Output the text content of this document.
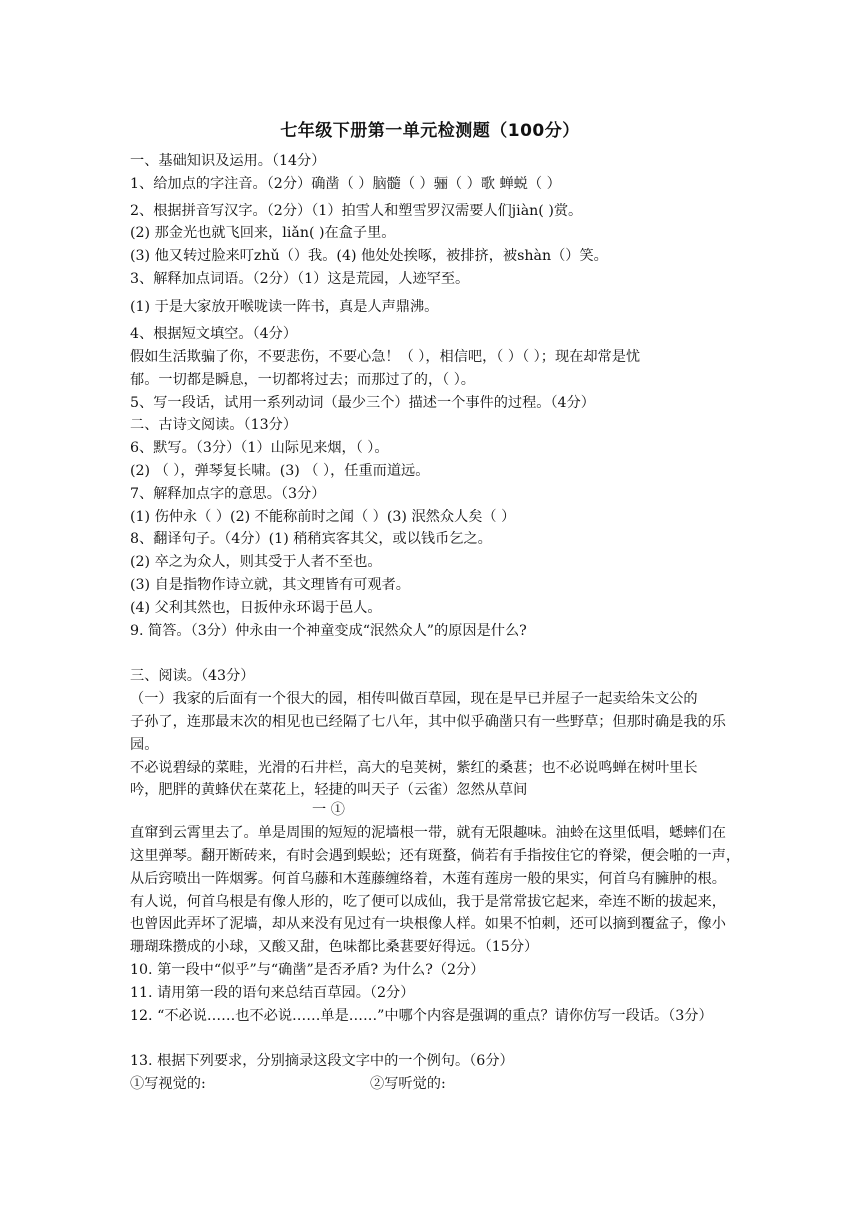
七年级下册第一单元检测题（100分）
一、基础知识及运用。（14分）
1、给加点的字注音。（2分）确凿（ ）脑髓（ ）骊（ ）歌 蝉蜕（ ）
2、根据拼音写汉字。（2分）（1）拍雪人和塑雪罗汉需要人们jiàn( )赏。
(2) 那金光也就飞回来，liǎn( )在盒子里。
(3) 他又转过脸来叮zhǔ（）我。(4) 他处处挨啄，被排挤，被shàn（）笑。
3、解释加点词语。（2分）（1）这是荒园，人迹罕至。
(1) 于是大家放开喉咙读一阵书，真是人声鼎沸。
4、根据短文填空。（4分）
假如生活欺骗了你，不要悲伤，不要心急！（ ），相信吧，（ ）（ ）；现在却常是忧
郁。一切都是瞬息，一切都将过去；而那过了的，（ ）。
5、写一段话，试用一系列动词（最少三个）描述一个事件的过程。（4分）
二、古诗文阅读。（13分）
6、默写。（3分）（1）山际见来烟，（ ）。
(2) （ ），弹琴复长啸。(3) （ ），任重而道远。
7、解释加点字的意思。（3分）
(1) 伤仲永（ ）(2) 不能称前时之闻（ ）(3) 泯然众人矣（ ）
8、翻译句子。（4分）(1) 稍稍宾客其父，或以钱币乞之。
(2) 卒之为众人，则其受于人者不至也。
(3) 自是指物作诗立就，其文理皆有可观者。
(4) 父利其然也，日扳仲永环谒于邑人。
9. 简答。（3分）仲永由一个神童变成“泯然众人”的原因是什么?
三、阅读。（43分）
（一）我家的后面有一个很大的园，相传叫做百草园，现在是早已并屋子一起卖给朱文公的
子孙了，连那最末次的相见也已经隔了七八年，其中似乎确凿只有一些野草；但那时确是我的乐
园。
不必说碧绿的菜畦，光滑的石井栏，高大的皂荚树，紫红的桑葚；也不必说鸣蝉在树叶里长
吟，肥胖的黄蜂伏在菜花上，轻捷的叫天子（云雀）忽然从草间
一 ①
直窜到云霄里去了。单是周围的短短的泥墙根一带，就有无限趣味。油蛉在这里低唱，蟋蟀们在
这里弹琴。翻开断砖来，有时会遇到蜈蚣；还有斑蝥，倘若有手指按住它的脊梁，便会啪的一声，
从后窍喷出一阵烟雾。何首乌藤和木莲藤缠络着，木莲有莲房一般的果实，何首乌有臃肿的根。
有人说，何首乌根是有像人形的，吃了便可以成仙，我于是常常拔它起来，牵连不断的拔起来，
也曾因此弄坏了泥墙，却从来没有见过有一块根像人样。如果不怕刺，还可以摘到覆盆子，像小
珊瑚珠攒成的小球，又酸又甜，色味都比桑葚要好得远。（15分）
10. 第一段中“似乎”与“确凿”是否矛盾? 为什么?（2分）
11. 请用第一段的语句来总结百草园。（2分）
12. “不必说……也不必说……单是……”中哪个内容是强调的重点？请你仿写一段话。（3分）
13. 根据下列要求，分别摘录这段文字中的一个例句。（6分）
①写视觉的:	②写听觉的:
